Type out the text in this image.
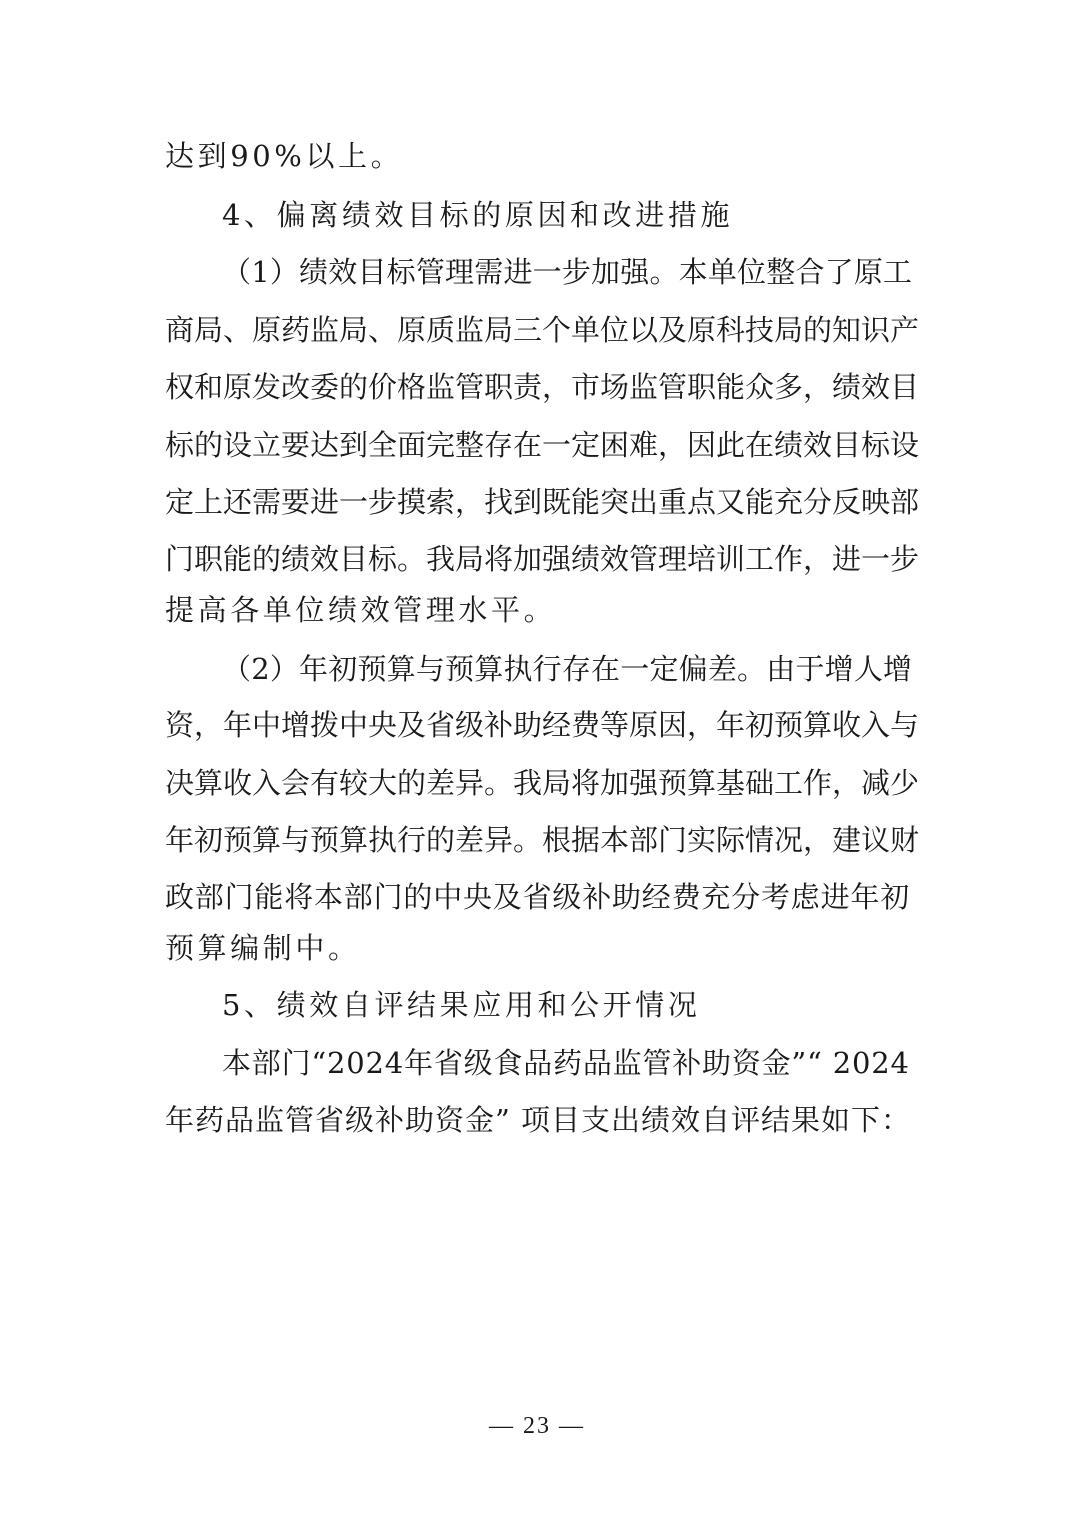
达到90%以上。
4、偏离绩效目标的原因和改进措施
（1）绩效目标管理需进一步加强。本单位整合了原工
商局、原药监局、原质监局三个单位以及原科技局的知识产
权和原发改委的价格监管职责，市场监管职能众多，绩效目
标的设立要达到全面完整存在一定困难，因此在绩效目标设
定上还需要进一步摸索，找到既能突出重点又能充分反映部
门职能的绩效目标。我局将加强绩效管理培训工作，进一步
提高各单位绩效管理水平。
（2）年初预算与预算执行存在一定偏差。由于增人增
资，年中增拨中央及省级补助经费等原因，年初预算收入与
决算收入会有较大的差异。我局将加强预算基础工作，减少
年初预算与预算执行的差异。根据本部门实际情况，建议财
政部门能将本部门的中央及省级补助经费充分考虑进年初
预算编制中。
5、绩效自评结果应用和公开情况
本部门“2024年省级食品药品监管补助资金”“ 2024
年药品监管省级补助资金” 项目支出绩效自评结果如下：
— 23 —
